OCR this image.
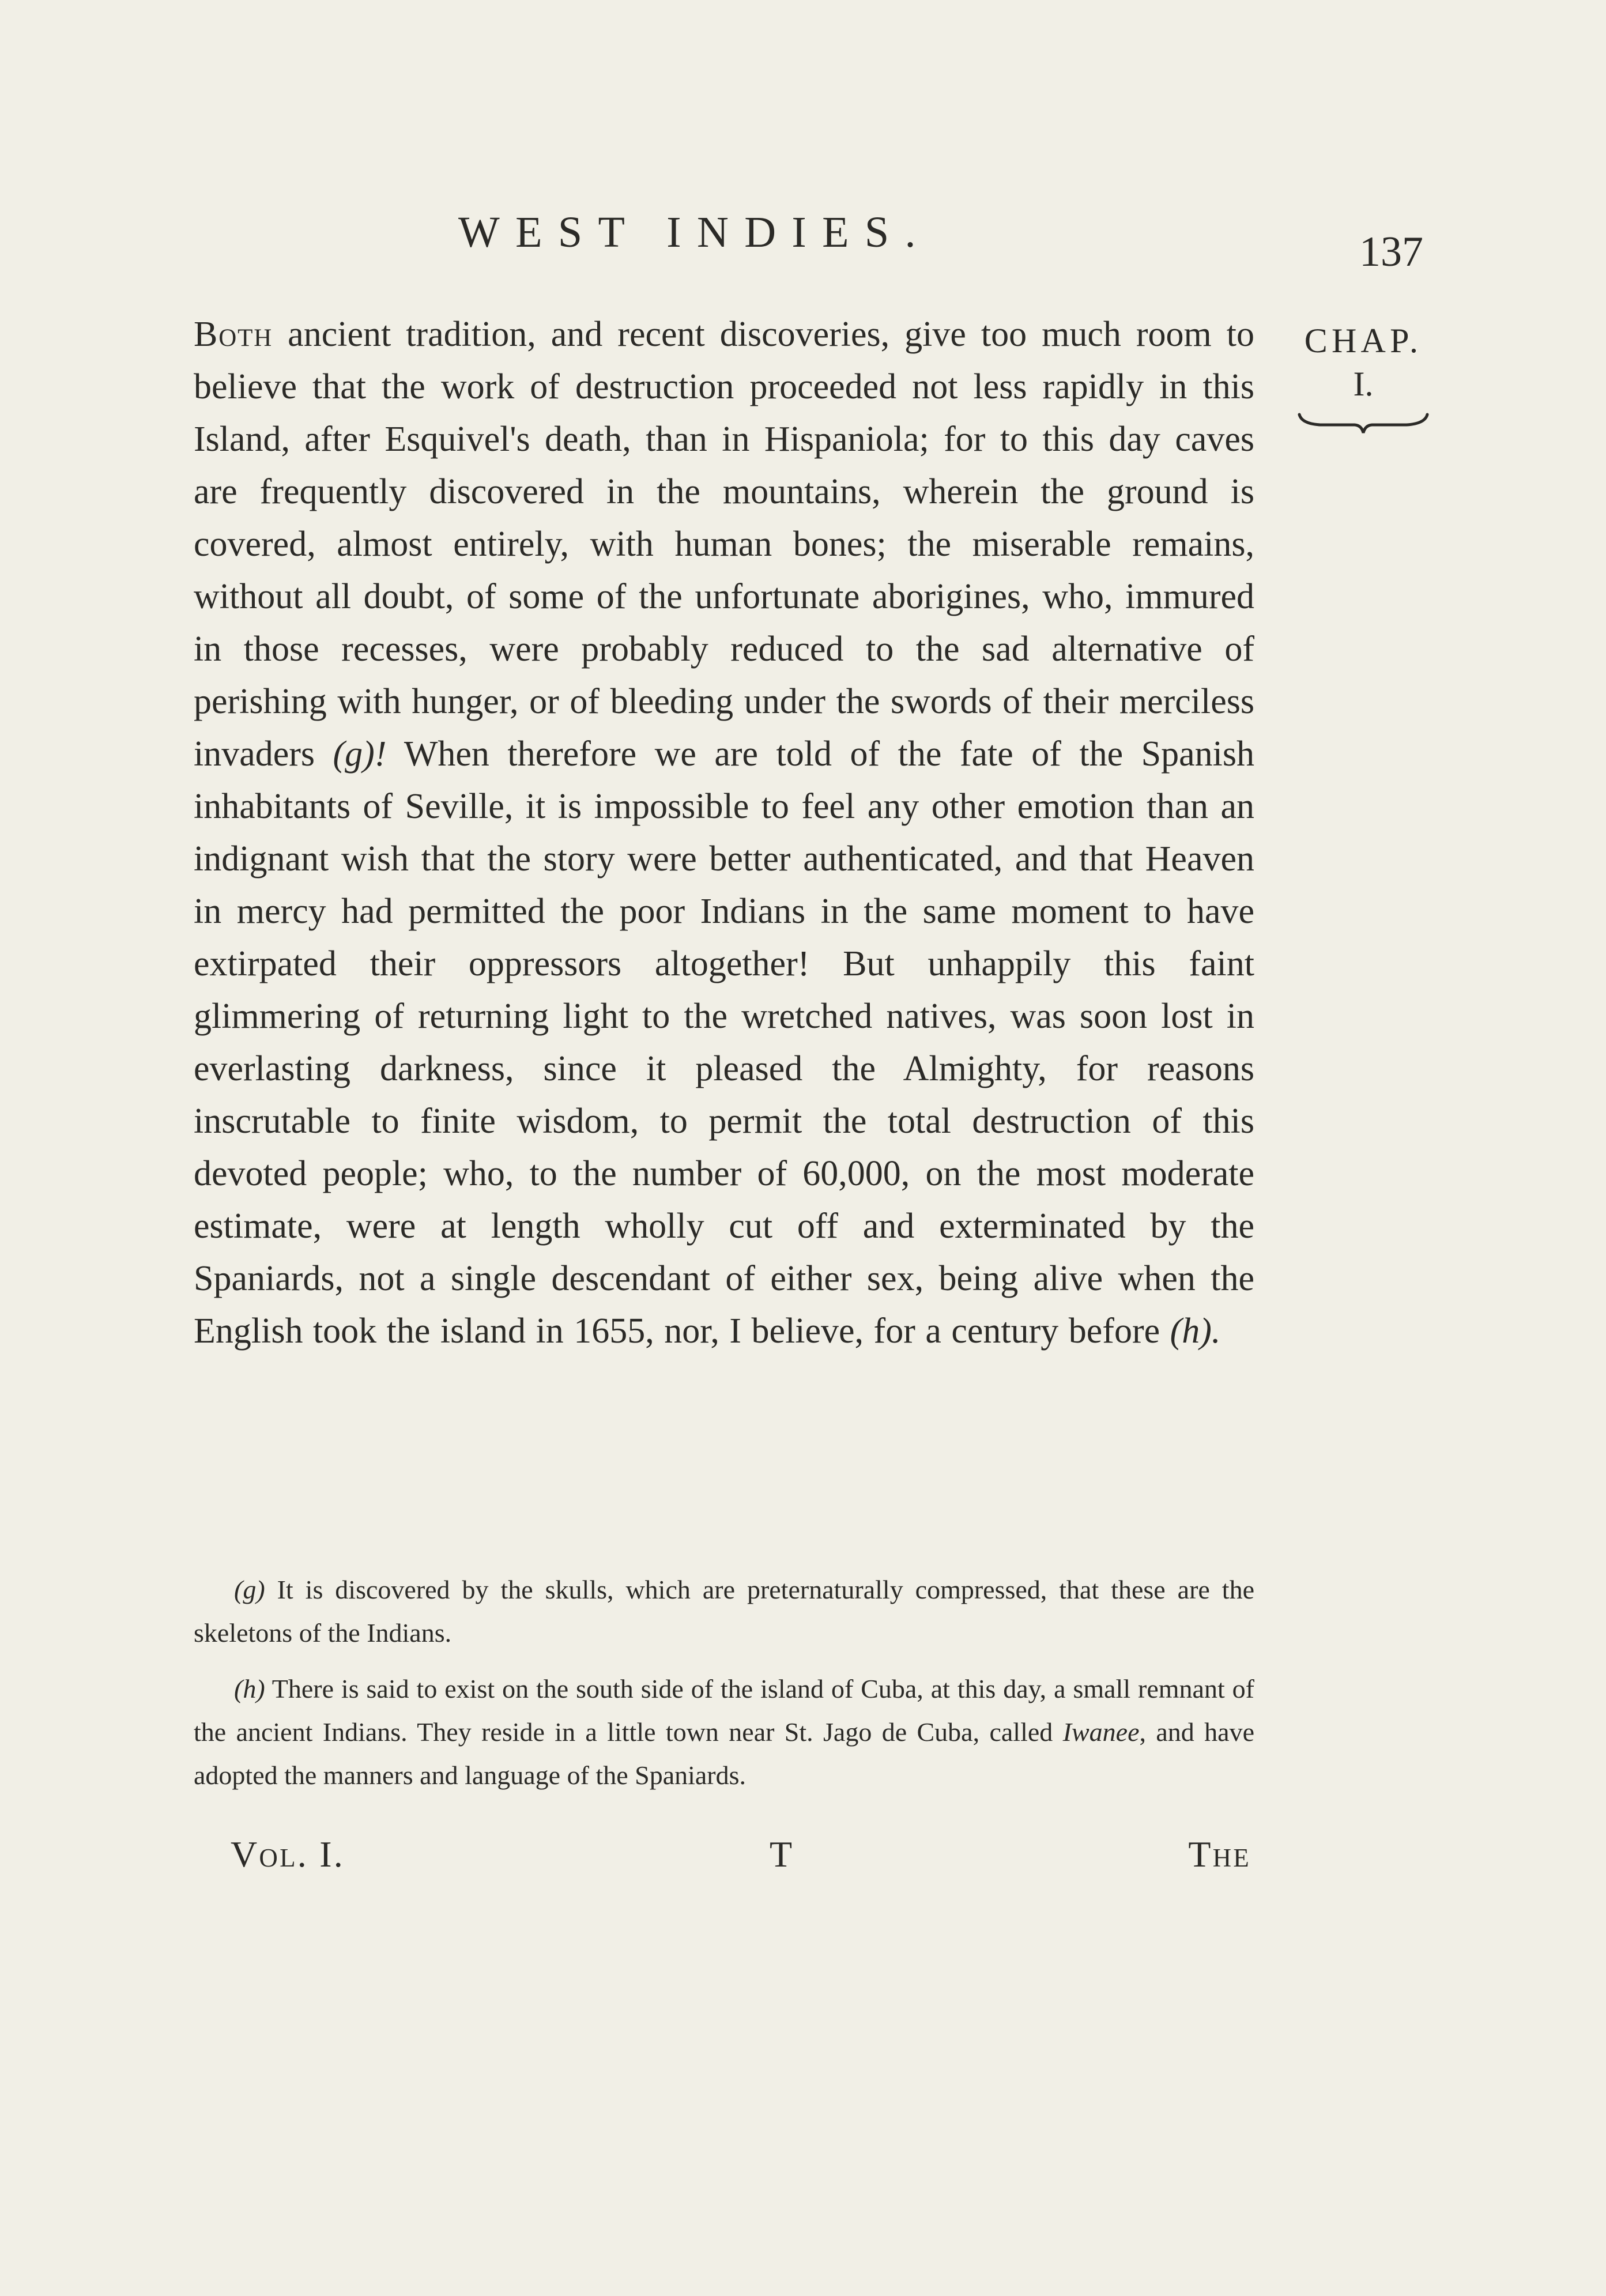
WEST INDIES.	137
CHAP.
I.
Both ancient tradition, and recent discoveries, give too much room to believe that the work of destruction proceeded not less rapidly in this Island, after Esquivel's death, than in Hispaniola; for to this day caves are frequently discovered in the mountains, wherein the ground is covered, almost entirely, with human bones; the miserable remains, without all doubt, of some of the unfortunate aborigines, who, immured in those recesses, were probably reduced to the sad alternative of perishing with hunger, or of bleeding under the swords of their merciless invaders (g)! When therefore we are told of the fate of the Spanish inhabitants of Seville, it is impossible to feel any other emotion than an indignant wish that the story were better authenticated, and that Heaven in mercy had permitted the poor Indians in the same moment to have extirpated their oppressors altogether! But unhappily this faint glimmering of returning light to the wretched natives, was soon lost in everlasting darkness, since it pleased the Almighty, for reasons inscrutable to finite wisdom, to permit the total destruction of this devoted people; who, to the number of 60,000, on the most moderate estimate, were at length wholly cut off and exterminated by the Spaniards, not a single descendant of either sex, being alive when the English took the island in 1655, nor, I believe, for a century before (h).

(g) It is discovered by the skulls, which are preternaturally compressed, that these are the skeletons of the Indians.

(h) There is said to exist on the south side of the island of Cuba, at this day, a small remnant of the ancient Indians. They reside in a little town near St. Jago de Cuba, called Iwanee, and have adopted the manners and language of the Spaniards.

Vol. I.	T	The
